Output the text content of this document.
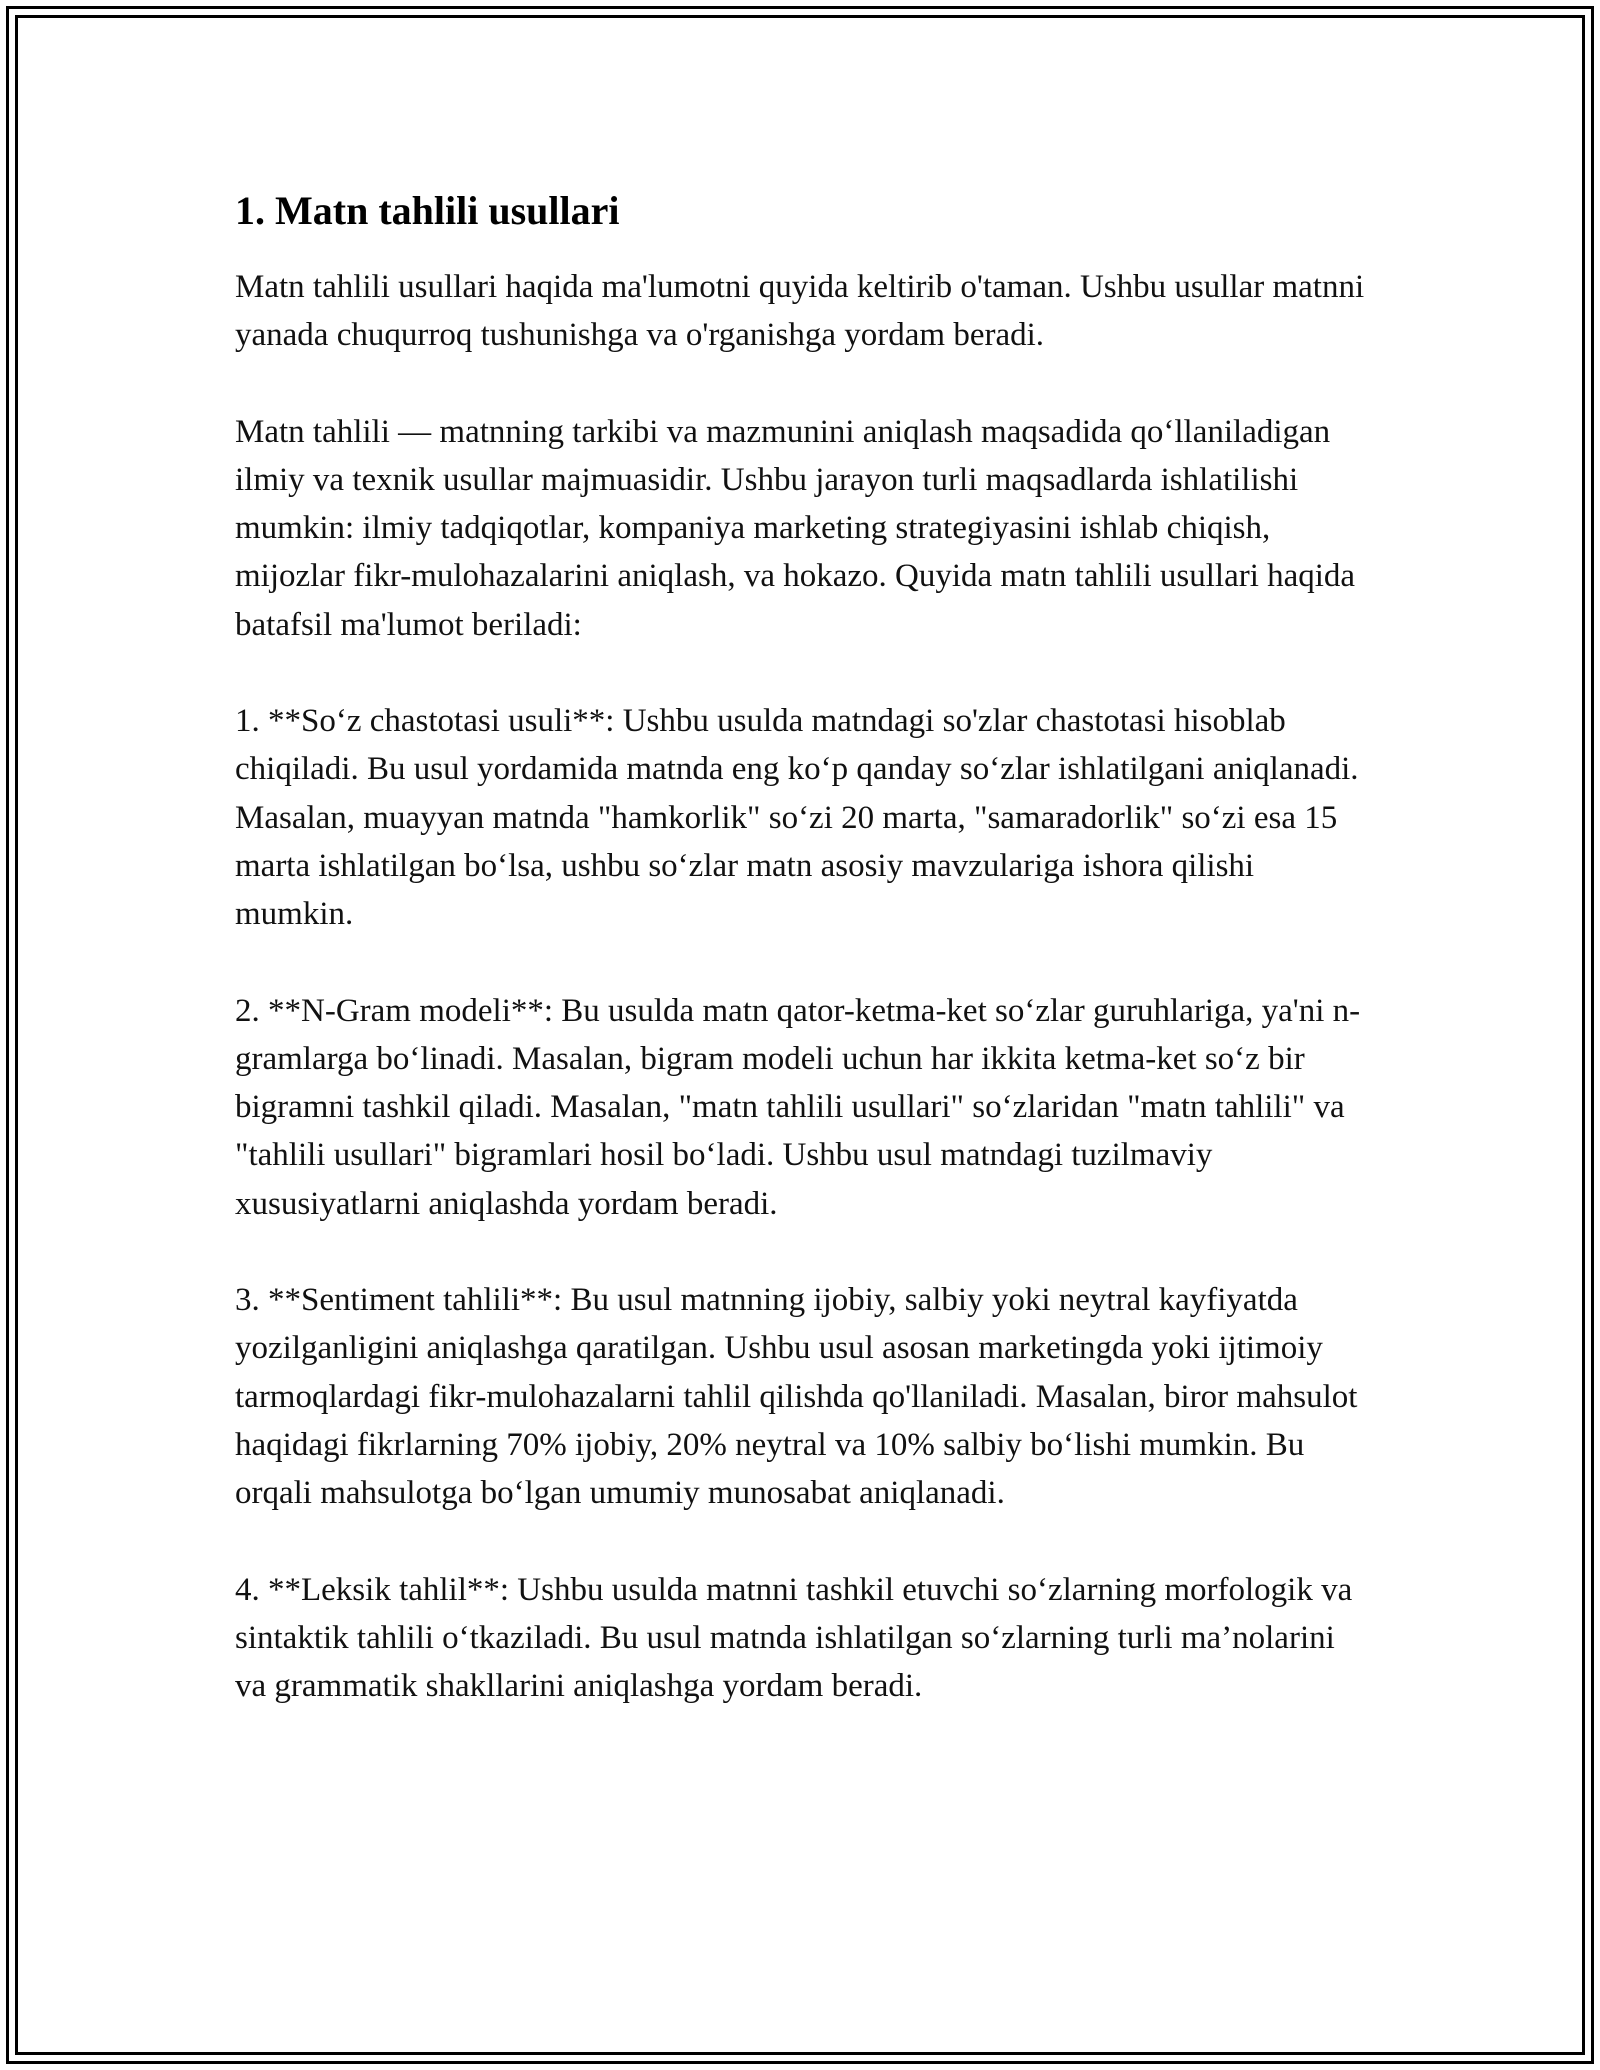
1. Matn tahlili usullari

Matn tahlili usullari haqida ma'lumotni quyida keltirib o'taman. Ushbu usullar matnni yanada chuqurroq tushunishga va o'rganishga yordam beradi.

Matn tahlili — matnning tarkibi va mazmunini aniqlash maqsadida qo‘llaniladigan ilmiy va texnik usullar majmuasidir. Ushbu jarayon turli maqsadlarda ishlatilishi mumkin: ilmiy tadqiqotlar, kompaniya marketing strategiyasini ishlab chiqish, mijozlar fikr-mulohazalarini aniqlash, va hokazo. Quyida matn tahlili usullari haqida batafsil ma'lumot beriladi:

1. **So‘z chastotasi usuli**: Ushbu usulda matndagi so'zlar chastotasi hisoblab chiqiladi. Bu usul yordamida matnda eng ko‘p qanday so‘zlar ishlatilgani aniqlanadi. Masalan, muayyan matnda "hamkorlik" so‘zi 20 marta, "samaradorlik" so‘zi esa 15 marta ishlatilgan bo‘lsa, ushbu so‘zlar matn asosiy mavzulariga ishora qilishi mumkin.

2. **N-Gram modeli**: Bu usulda matn qator-ketma-ket so‘zlar guruhlariga, ya'ni n-gramlarga bo‘linadi. Masalan, bigram modeli uchun har ikkita ketma-ket so‘z bir bigramni tashkil qiladi. Masalan, "matn tahlili usullari" so‘zlaridan "matn tahlili" va "tahlili usullari" bigramlari hosil bo‘ladi. Ushbu usul matndagi tuzilmaviy xususiyatlarni aniqlashda yordam beradi.

3. **Sentiment tahlili**: Bu usul matnning ijobiy, salbiy yoki neytral kayfiyatda yozilganligini aniqlashga qaratilgan. Ushbu usul asosan marketingda yoki ijtimoiy tarmoqlardagi fikr-mulohazalarni tahlil qilishda qo'llaniladi. Masalan, biror mahsulot haqidagi fikrlarning 70% ijobiy, 20% neytral va 10% salbiy bo‘lishi mumkin. Bu orqali mahsulotga bo‘lgan umumiy munosabat aniqlanadi.

4. **Leksik tahlil**: Ushbu usulda matnni tashkil etuvchi so‘zlarning morfologik va sintaktik tahlili o‘tkaziladi. Bu usul matnda ishlatilgan so‘zlarning turli ma’nolarini va grammatik shakllarini aniqlashga yordam beradi.
